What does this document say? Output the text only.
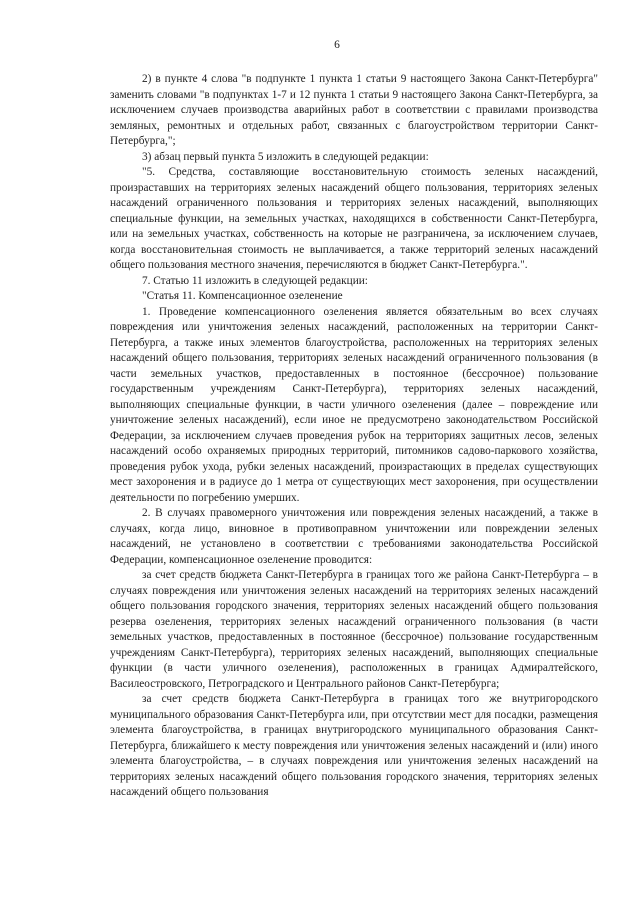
6

2) в пункте 4 слова "в подпункте 1 пункта 1 статьи 9 настоящего Закона Санкт-Петербурга" заменить словами "в подпунктах 1-7 и 12 пункта 1 статьи 9 настоящего Закона Санкт-Петербурга, за исключением случаев производства аварийных работ в соответствии с правилами производства земляных, ремонтных и отдельных работ, связанных с благоустройством территории Санкт-Петербурга,";

3) абзац первый пункта 5 изложить в следующей редакции:

"5. Средства, составляющие восстановительную стоимость зеленых насаждений, произраставших на территориях зеленых насаждений общего пользования, территориях зеленых насаждений ограниченного пользования и территориях зеленых насаждений, выполняющих специальные функции, на земельных участках, находящихся в собственности Санкт-Петербурга, или на земельных участках, собственность на которые не разграничена, за исключением случаев, когда восстановительная стоимость не выплачивается, а также территорий зеленых насаждений общего пользования местного значения, перечисляются в бюджет Санкт-Петербурга.".

7. Статью 11 изложить в следующей редакции:

"Статья 11. Компенсационное озеленение

1. Проведение компенсационного озеленения является обязательным во всех случаях повреждения или уничтожения зеленых насаждений, расположенных на территории Санкт-Петербурга, а также иных элементов благоустройства, расположенных на территориях зеленых насаждений общего пользования, территориях зеленых насаждений ограниченного пользования (в части земельных участков, предоставленных в постоянное (бессрочное) пользование государственным учреждениям Санкт-Петербурга), территориях зеленых насаждений, выполняющих специальные функции, в части уличного озеленения (далее – повреждение или уничтожение зеленых насаждений), если иное не предусмотрено законодательством Российской Федерации, за исключением случаев проведения рубок на территориях защитных лесов, зеленых насаждений особо охраняемых природных территорий, питомников садово-паркового хозяйства, проведения рубок ухода, рубки зеленых насаждений, произрастающих в пределах существующих мест захоронения и в радиусе до 1 метра от существующих мест захоронения, при осуществлении деятельности по погребению умерших.

2. В случаях правомерного уничтожения или повреждения зеленых насаждений, а также в случаях, когда лицо, виновное в противоправном уничтожении или повреждении зеленых насаждений, не установлено в соответствии с требованиями законодательства Российской Федерации, компенсационное озеленение проводится:

за счет средств бюджета Санкт-Петербурга в границах того же района Санкт-Петербурга – в случаях повреждения или уничтожения зеленых насаждений на территориях зеленых насаждений общего пользования городского значения, территориях зеленых насаждений общего пользования резерва озеленения, территориях зеленых насаждений ограниченного пользования (в части земельных участков, предоставленных в постоянное (бессрочное) пользование государственным учреждениям Санкт-Петербурга), территориях зеленых насаждений, выполняющих специальные функции (в части уличного озеленения), расположенных в границах Адмиралтейского, Василеостровского, Петроградского и Центрального районов Санкт-Петербурга;

за счет средств бюджета Санкт-Петербурга в границах того же внутригородского муниципального образования Санкт-Петербурга или, при отсутствии мест для посадки, размещения элемента благоустройства, в границах внутригородского муниципального образования Санкт-Петербурга, ближайшего к месту повреждения или уничтожения зеленых насаждений и (или) иного элемента благоустройства, – в случаях повреждения или уничтожения зеленых насаждений на территориях зеленых насаждений общего пользования городского значения, территориях зеленых насаждений общего пользования
